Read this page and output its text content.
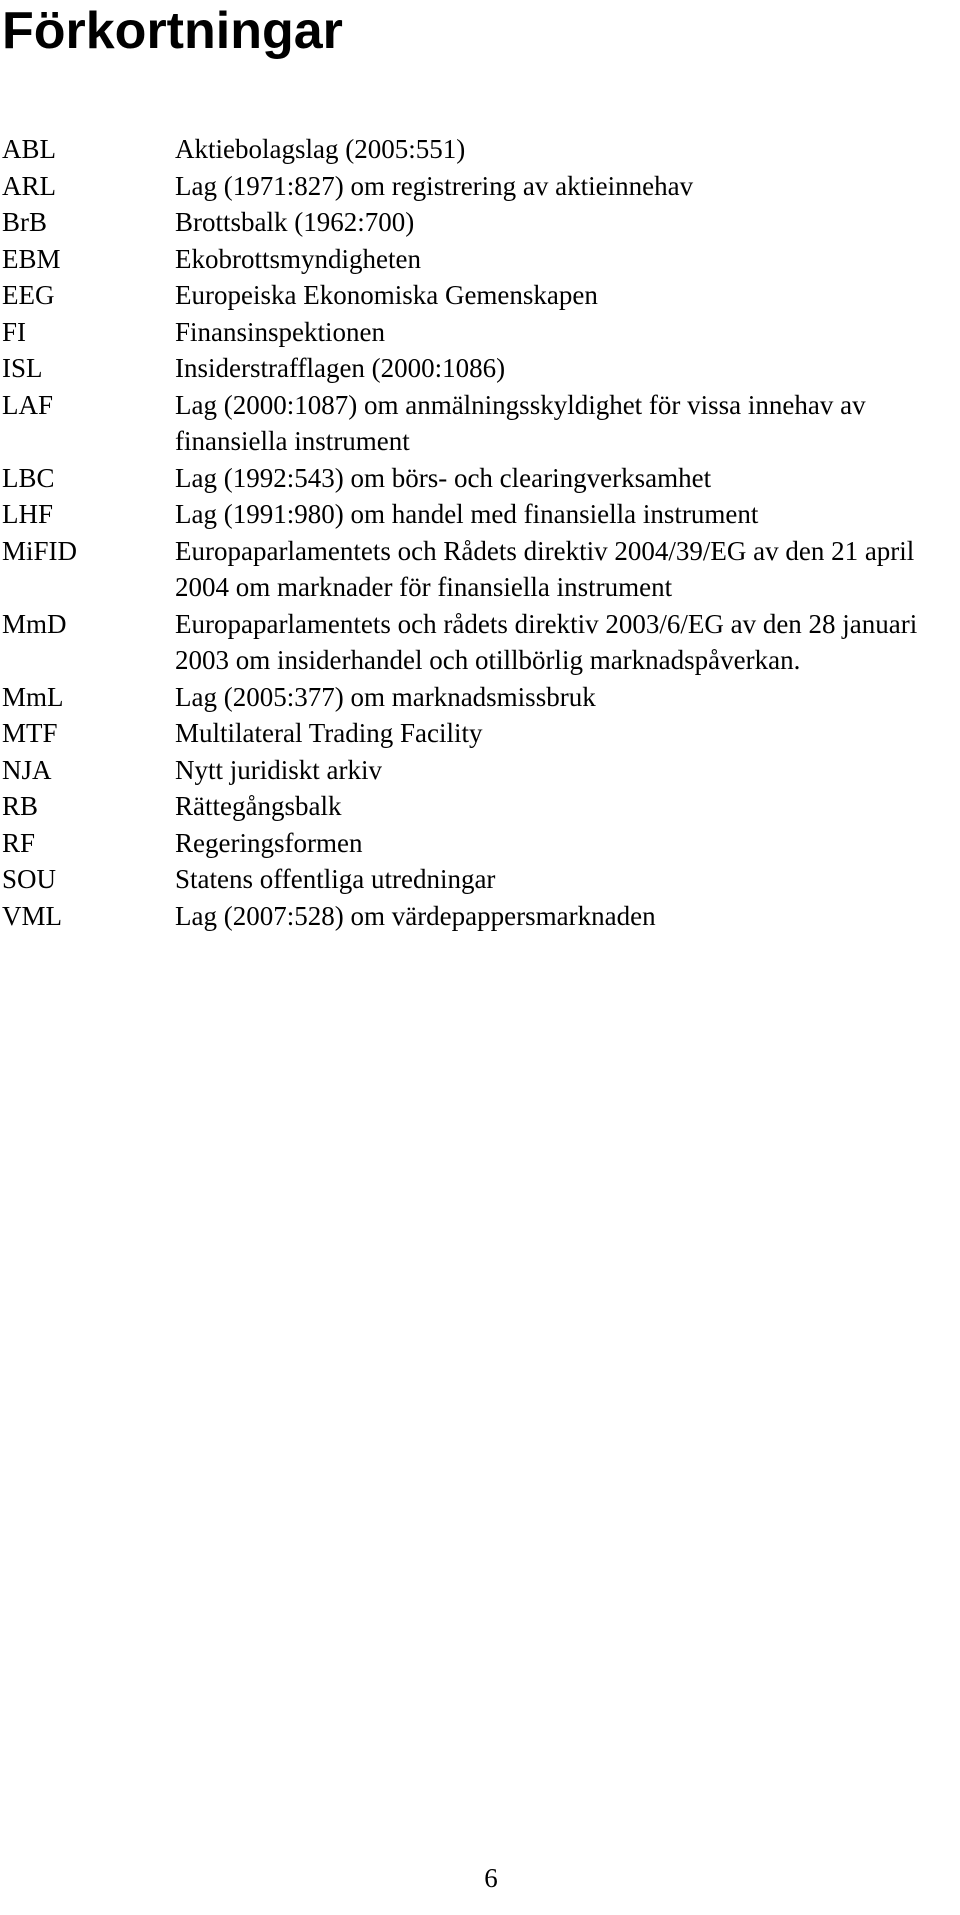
Förkortningar
ABL	Aktiebolagslag (2005:551)
ARL	Lag (1971:827) om registrering av aktieinnehav
BrB	Brottsbalk (1962:700)
EBM	Ekobrottsmyndigheten
EEG	Europeiska Ekonomiska Gemenskapen
FI	Finansinspektionen
ISL	Insiderstrafflagen (2000:1086)
LAF	Lag (2000:1087) om anmälningsskyldighet för vissa innehav av finansiella instrument
LBC	Lag (1992:543) om börs- och clearingverksamhet
LHF	Lag (1991:980) om handel med finansiella instrument
MiFID	Europaparlamentets och Rådets direktiv 2004/39/EG av den 21 april 2004 om marknader för finansiella instrument
MmD	Europaparlamentets och rådets direktiv 2003/6/EG av den 28 januari 2003 om insiderhandel och otillbörlig marknadspåverkan.
MmL	Lag (2005:377) om marknadsmissbruk
MTF	Multilateral Trading Facility
NJA	Nytt juridiskt arkiv
RB	Rättegångsbalk
RF	Regeringsformen
SOU	Statens offentliga utredningar
VML	Lag (2007:528) om värdepappersmarknaden
6
